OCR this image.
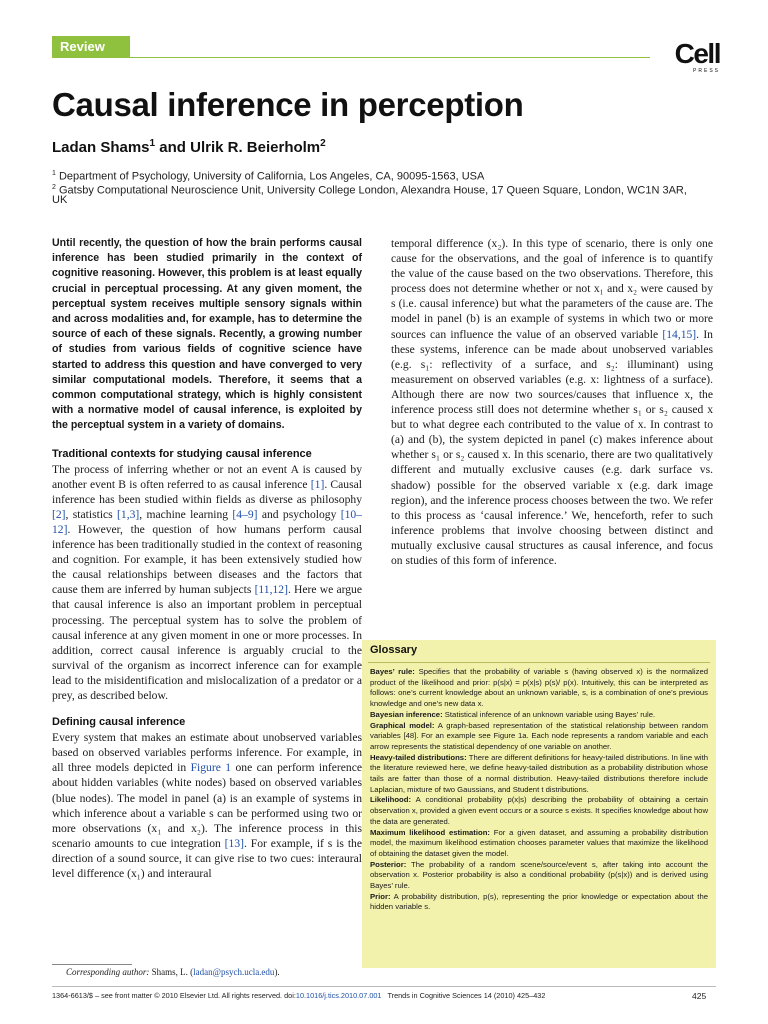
Review	Cell
PRESS
Causal inference in perception
Ladan Shams$^1$ and Ulrik R. Beierholm$^2$
$^1$ Department of Psychology, University of California, Los Angeles, CA, 90095-1563, USA
$^2$ Gatsby Computational Neuroscience Unit, University College London, Alexandra House, 17 Queen Square, London, WC1N 3AR,
UK

Until recently, the question of how the brain performs causal inference has been studied primarily in the context of cognitive reasoning. However, this problem is at least equally crucial in perceptual processing. At any given moment, the perceptual system receives multiple sensory signals within and across modalities and, for example, has to determine the source of each of these signals. Recently, a growing number of studies from various fields of cognitive science have started to address this question and have converged to very similar computational models. Therefore, it seems that a common computational strategy, which is highly consistent with a normative model of causal inference, is exploited by the perceptual system in a variety of domains.

Traditional contexts for studying causal inference

The process of inferring whether or not an event A is caused by another event B is often referred to as causal inference [1]. Causal inference has been studied within fields as diverse as philosophy [2], statistics [1,3], machine learning [4–9] and psychology [10–12]. However, the question of how humans perform causal inference has been traditionally studied in the context of reasoning and cognition. For example, it has been extensively studied how the causal relationships between diseases and the factors that cause them are inferred by human subjects [11,12]. Here we argue that causal inference is also an important problem in perceptual processing. The perceptual system has to solve the problem of causal inference at any given moment in one or more processes. In addition, correct causal inference is arguably crucial to the survival of the organism as incorrect inference can for example lead to the misidentification and mislocalization of a predator or a prey, as described below.

Defining causal inference

Every system that makes an estimate about unobserved variables based on observed variables performs inference. For example, in all three models depicted in Figure 1 one can perform inference about hidden variables (white nodes) based on observed variables (blue nodes). The model in panel (a) is an example of systems in which inference about a variable s can be performed using two or more observations (x₁ and x₂). The inference process in this scenario amounts to cue integration [13]. For example, if s is the direction of a sound source, it can give rise to two cues: interaural level difference (x₁) and interaural

temporal difference (x₂). In this type of scenario, there is only one cause for the observations, and the goal of inference is to quantify the value of the cause based on the two observations. Therefore, this process does not determine whether or not x₁ and x₂ were caused by s (i.e. causal inference) but what the parameters of the cause are. The model in panel (b) is an example of systems in which two or more sources can influence the value of an observed variable [14,15]. In these systems, inference can be made about unobserved variables (e.g. s₁: reflectivity of a surface, and s₂: illuminant) using measurement on observed variables (e.g. x: lightness of a surface). Although there are now two sources/causes that influence x, the inference process still does not determine whether s₁ or s₂ caused x but to what degree each contributed to the value of x. In contrast to (a) and (b), the system depicted in panel (c) makes inference about whether s₁ or s₂ caused x. In this scenario, there are two qualitatively different and mutually exclusive causes (e.g. dark surface vs. shadow) possible for the observed variable x (e.g. dark image region), and the inference process chooses between the two. We refer to this process as ‘causal inference.’ We, henceforth, refer to such inference problems that involve choosing between distinct and mutually exclusive causal structures as causal inference, and focus on studies of this form of inference.

Glossary

Bayes’ rule: Specifies that the probability of variable s (having observed x) is the normalized product of the likelihood and prior: p(s|x) = p(x|s) p(s)/ p(x). Intuitively, this can be interpreted as follows: one’s current knowledge about an unknown variable, s, is a combination of one’s previous knowledge and one’s new data x.

Bayesian inference: Statistical inference of an unknown variable using Bayes’ rule.

Graphical model: A graph-based representation of the statistical relationship between random variables [48]. For an example see Figure 1a. Each node represents a random variable and each arrow represents the statistical dependency of one variable on another.

Heavy-tailed distributions: There are different definitions for heavy-tailed distributions. In line with the literature reviewed here, we define heavy-tailed distribution as a probability distribution whose tails are fatter than those of a normal distribution. Heavy-tailed distributions therefore include Laplacian, mixture of two Gaussians, and Student t distributions.

Likelihood: A conditional probability p(x|s) describing the probability of obtaining a certain observation x, provided a given event occurs or a source s exists. It specifies knowledge about how the data are generated.

Maximum likelihood estimation: For a given dataset, and assuming a probability distribution model, the maximum likelihood estimation chooses parameter values that maximize the likelihood of obtaining the dataset given the model.

Posterior: The probability of a random scene/source/event s, after taking into account the observation x. Posterior probability is also a conditional probability (p(s|x)) and is derived using Bayes’ rule.

Prior: A probability distribution, p(s), representing the prior knowledge or expectation about the hidden variable s.

Corresponding author: Shams, L. (ladan@psych.ucla.edu).
1364-6613/$ – see front matter © 2010 Elsevier Ltd. All rights reserved. doi:10.1016/j.tics.2010.07.001   Trends in Cognitive Sciences 14 (2010) 425–432	425
